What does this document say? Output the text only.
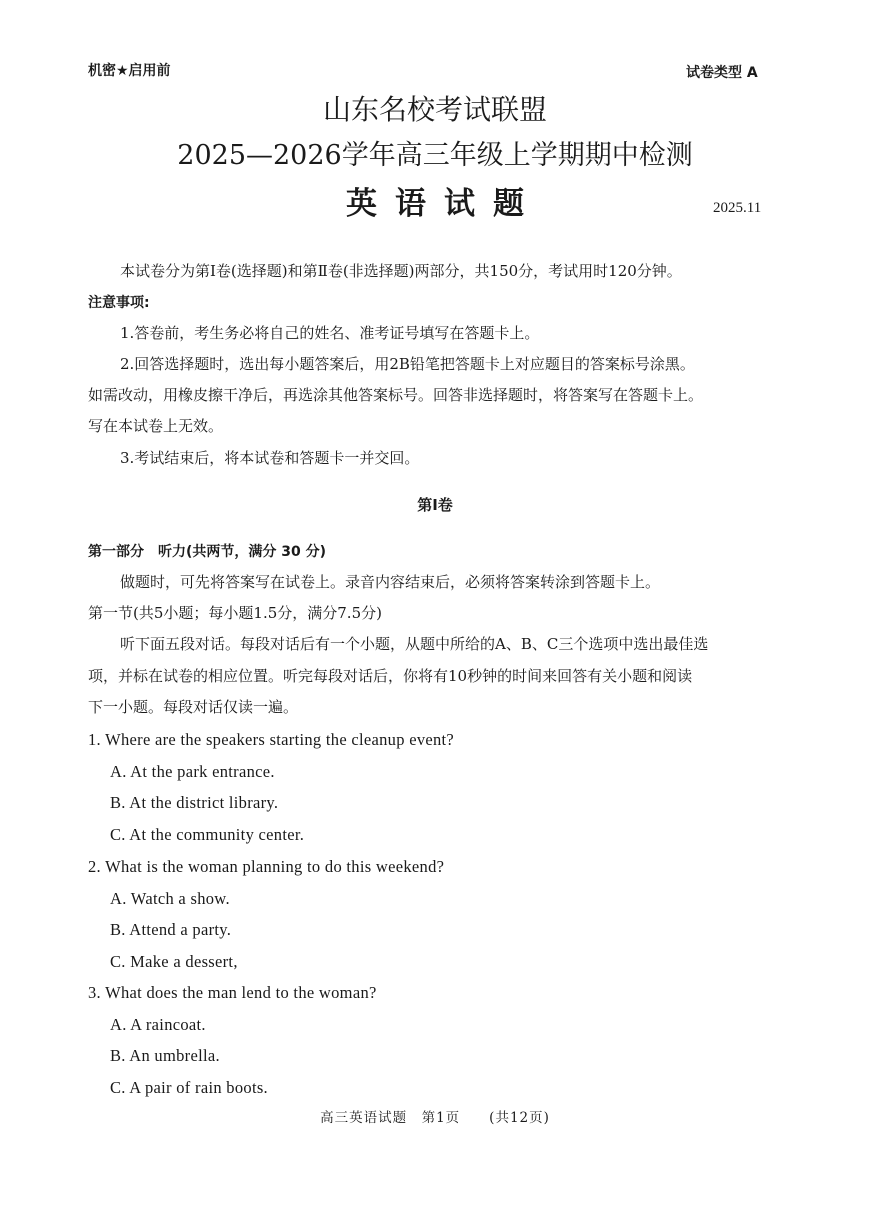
机密★启用前	试卷类型 A
山东名校考试联盟
2025—2026学年高三年级上学期期中检测
英语试题	2025.11
本试卷分为第Ⅰ卷(选择题)和第Ⅱ卷(非选择题)两部分，共150分，考试用时120分钟。
注意事项:
1.答卷前，考生务必将自己的姓名、准考证号填写在答题卡上。
2.回答选择题时，选出每小题答案后，用2B铅笔把答题卡上对应题目的答案标号涂黑。
如需改动，用橡皮擦干净后，再选涂其他答案标号。回答非选择题时，将答案写在答题卡上。
写在本试卷上无效。
3.考试结束后，将本试卷和答题卡一并交回。
第Ⅰ卷
第一部分　听力(共两节，满分 30 分)
做题时，可先将答案写在试卷上。录音内容结束后，必须将答案转涂到答题卡上。
第一节(共5小题；每小题1.5分，满分7.5分)
听下面五段对话。每段对话后有一个小题，从题中所给的A、B、C三个选项中选出最佳选
项，并标在试卷的相应位置。听完每段对话后，你将有10秒钟的时间来回答有关小题和阅读
下一小题。每段对话仅读一遍。
1. Where are the speakers starting the cleanup event?
A. At the park entrance.
B. At the district library.
C. At the community center.
2. What is the woman planning to do this weekend?
A. Watch a show.
B. Attend a party.
C. Make a dessert,
3. What does the man lend to the woman?
A. A raincoat.
B. An umbrella.
C. A pair of rain boots.
高三英语试题　第1页　　(共12页)
